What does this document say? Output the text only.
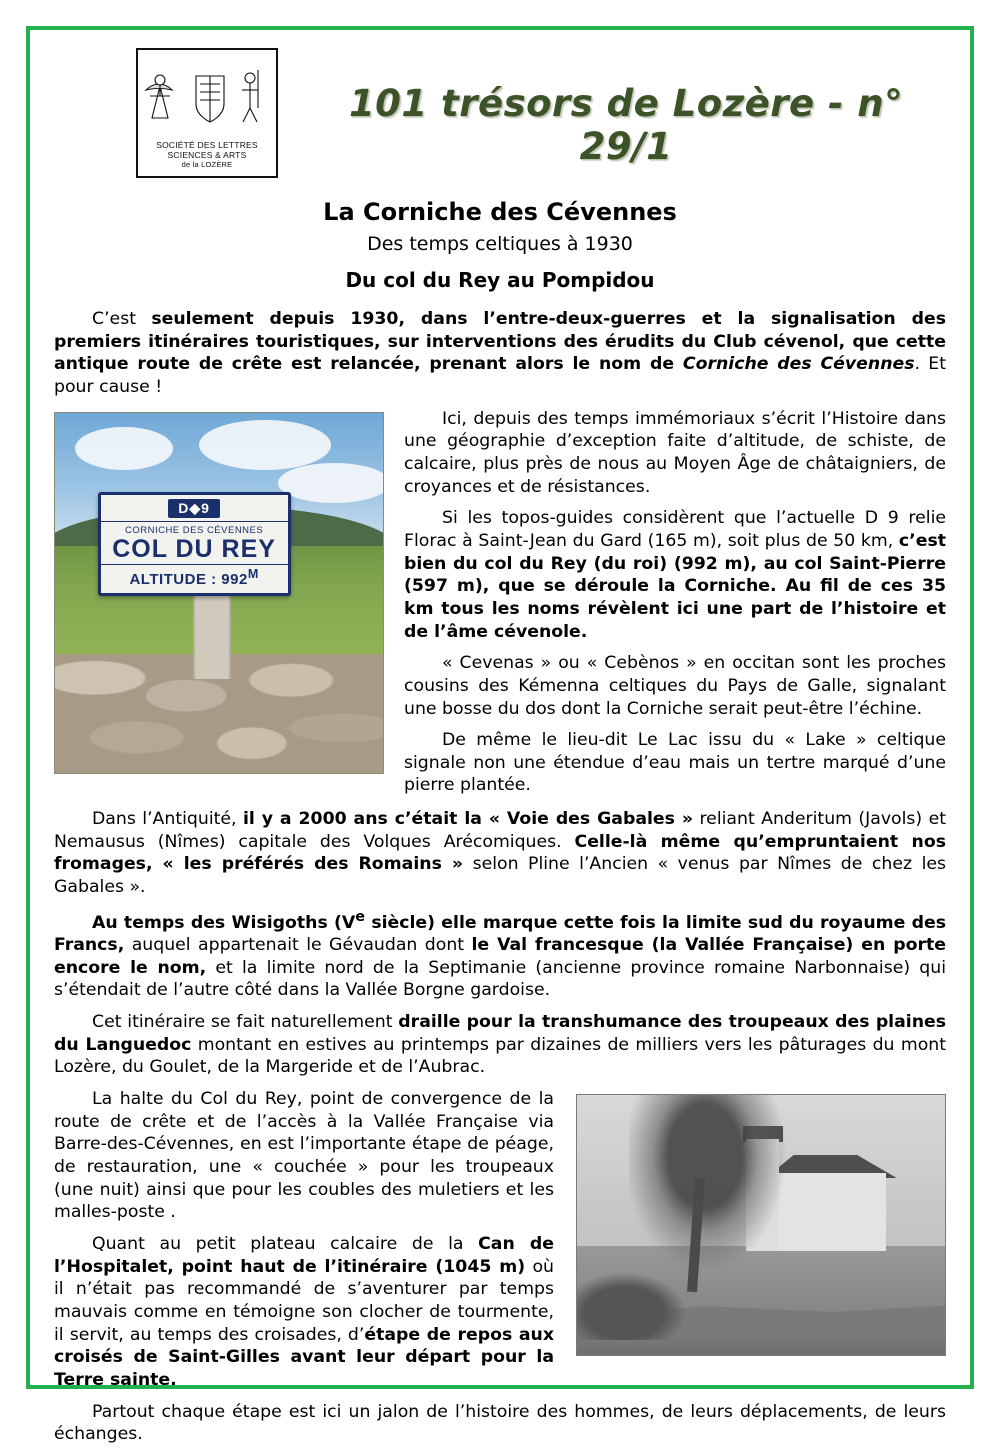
SOCIÉTÉ DES LETTRES
SCIENCES & ARTS
de la LOZÈRE
101 trésors de Lozère - n° 29/1
La Corniche des Cévennes
Des temps celtiques à 1930
Du col du Rey au Pompidou

C’est seulement depuis 1930, dans l’entre-deux-guerres et la signalisation des premiers itinéraires touristiques, sur interventions des érudits du Club cévenol, que cette antique route de crête est relancée, prenant alors le nom de Corniche des Cévennes. Et pour cause !

D◆9
CORNICHE DES CÉVENNES
COL DU REY
ALTITUDE : $992^M$

Ici, depuis des temps immémoriaux s’écrit l’Histoire dans une géographie d’exception faite d’altitude, de schiste, de calcaire, plus près de nous au Moyen Âge de châtaigniers, de croyances et de résistances.

Si les topos-guides considèrent que l’actuelle D 9 relie Florac à Saint-Jean du Gard (165 m), soit plus de 50 km, c’est bien du col du Rey (du roi) (992 m), au col Saint-Pierre (597 m), que se déroule la Corniche. Au fil de ces 35 km tous les noms révèlent ici une part de l’histoire et de l’âme cévenole.

« Cevenas » ou « Cebènos » en occitan sont les proches cousins des Kémenna celtiques du Pays de Galle, signalant une bosse du dos dont la Corniche serait peut-être l’échine.

De même le lieu-dit Le Lac issu du « Lake » celtique signale non une étendue d’eau mais un tertre marqué d’une pierre plantée.

Dans l’Antiquité, il y a 2000 ans c’était la « Voie des Gabales » reliant Anderitum (Javols) et Nemausus (Nîmes) capitale des Volques Arécomiques. Celle-là même qu’empruntaient nos fromages, « les préférés des Romains » selon Pline l’Ancien « venus par Nîmes de chez les Gabales ».

Au temps des Wisigoths (Ve siècle) elle marque cette fois la limite sud du royaume des Francs, auquel appartenait le Gévaudan dont le Val francesque (la Vallée Française) en porte encore le nom, et la limite nord de la Septimanie (ancienne province romaine Narbonnaise) qui s’étendait de l’autre côté dans la Vallée Borgne gardoise.

Cet itinéraire se fait naturellement draille pour la transhumance des troupeaux des plaines du Languedoc montant en estives au printemps par dizaines de milliers vers les pâturages du mont Lozère, du Goulet, de la Margeride et de l’Aubrac.

La halte du Col du Rey, point de convergence de la route de crête et de l’accès à la Vallée Française via Barre-des-Cévennes, en est l’importante étape de péage, de restauration, une « couchée » pour les troupeaux (une nuit) ainsi que pour les coubles des muletiers et les malles-poste .

Quant au petit plateau calcaire de la Can de l’Hospitalet, point haut de l’itinéraire (1045 m) où il n’était pas recommandé de s’aventurer par temps mauvais comme en témoigne son clocher de tourmente, il servit, au temps des croisades, d’étape de repos aux croisés de Saint-Gilles avant leur départ pour la Terre sainte.

Partout chaque étape est ici un jalon de l’histoire des hommes, de leurs déplacements, de leurs échanges.
